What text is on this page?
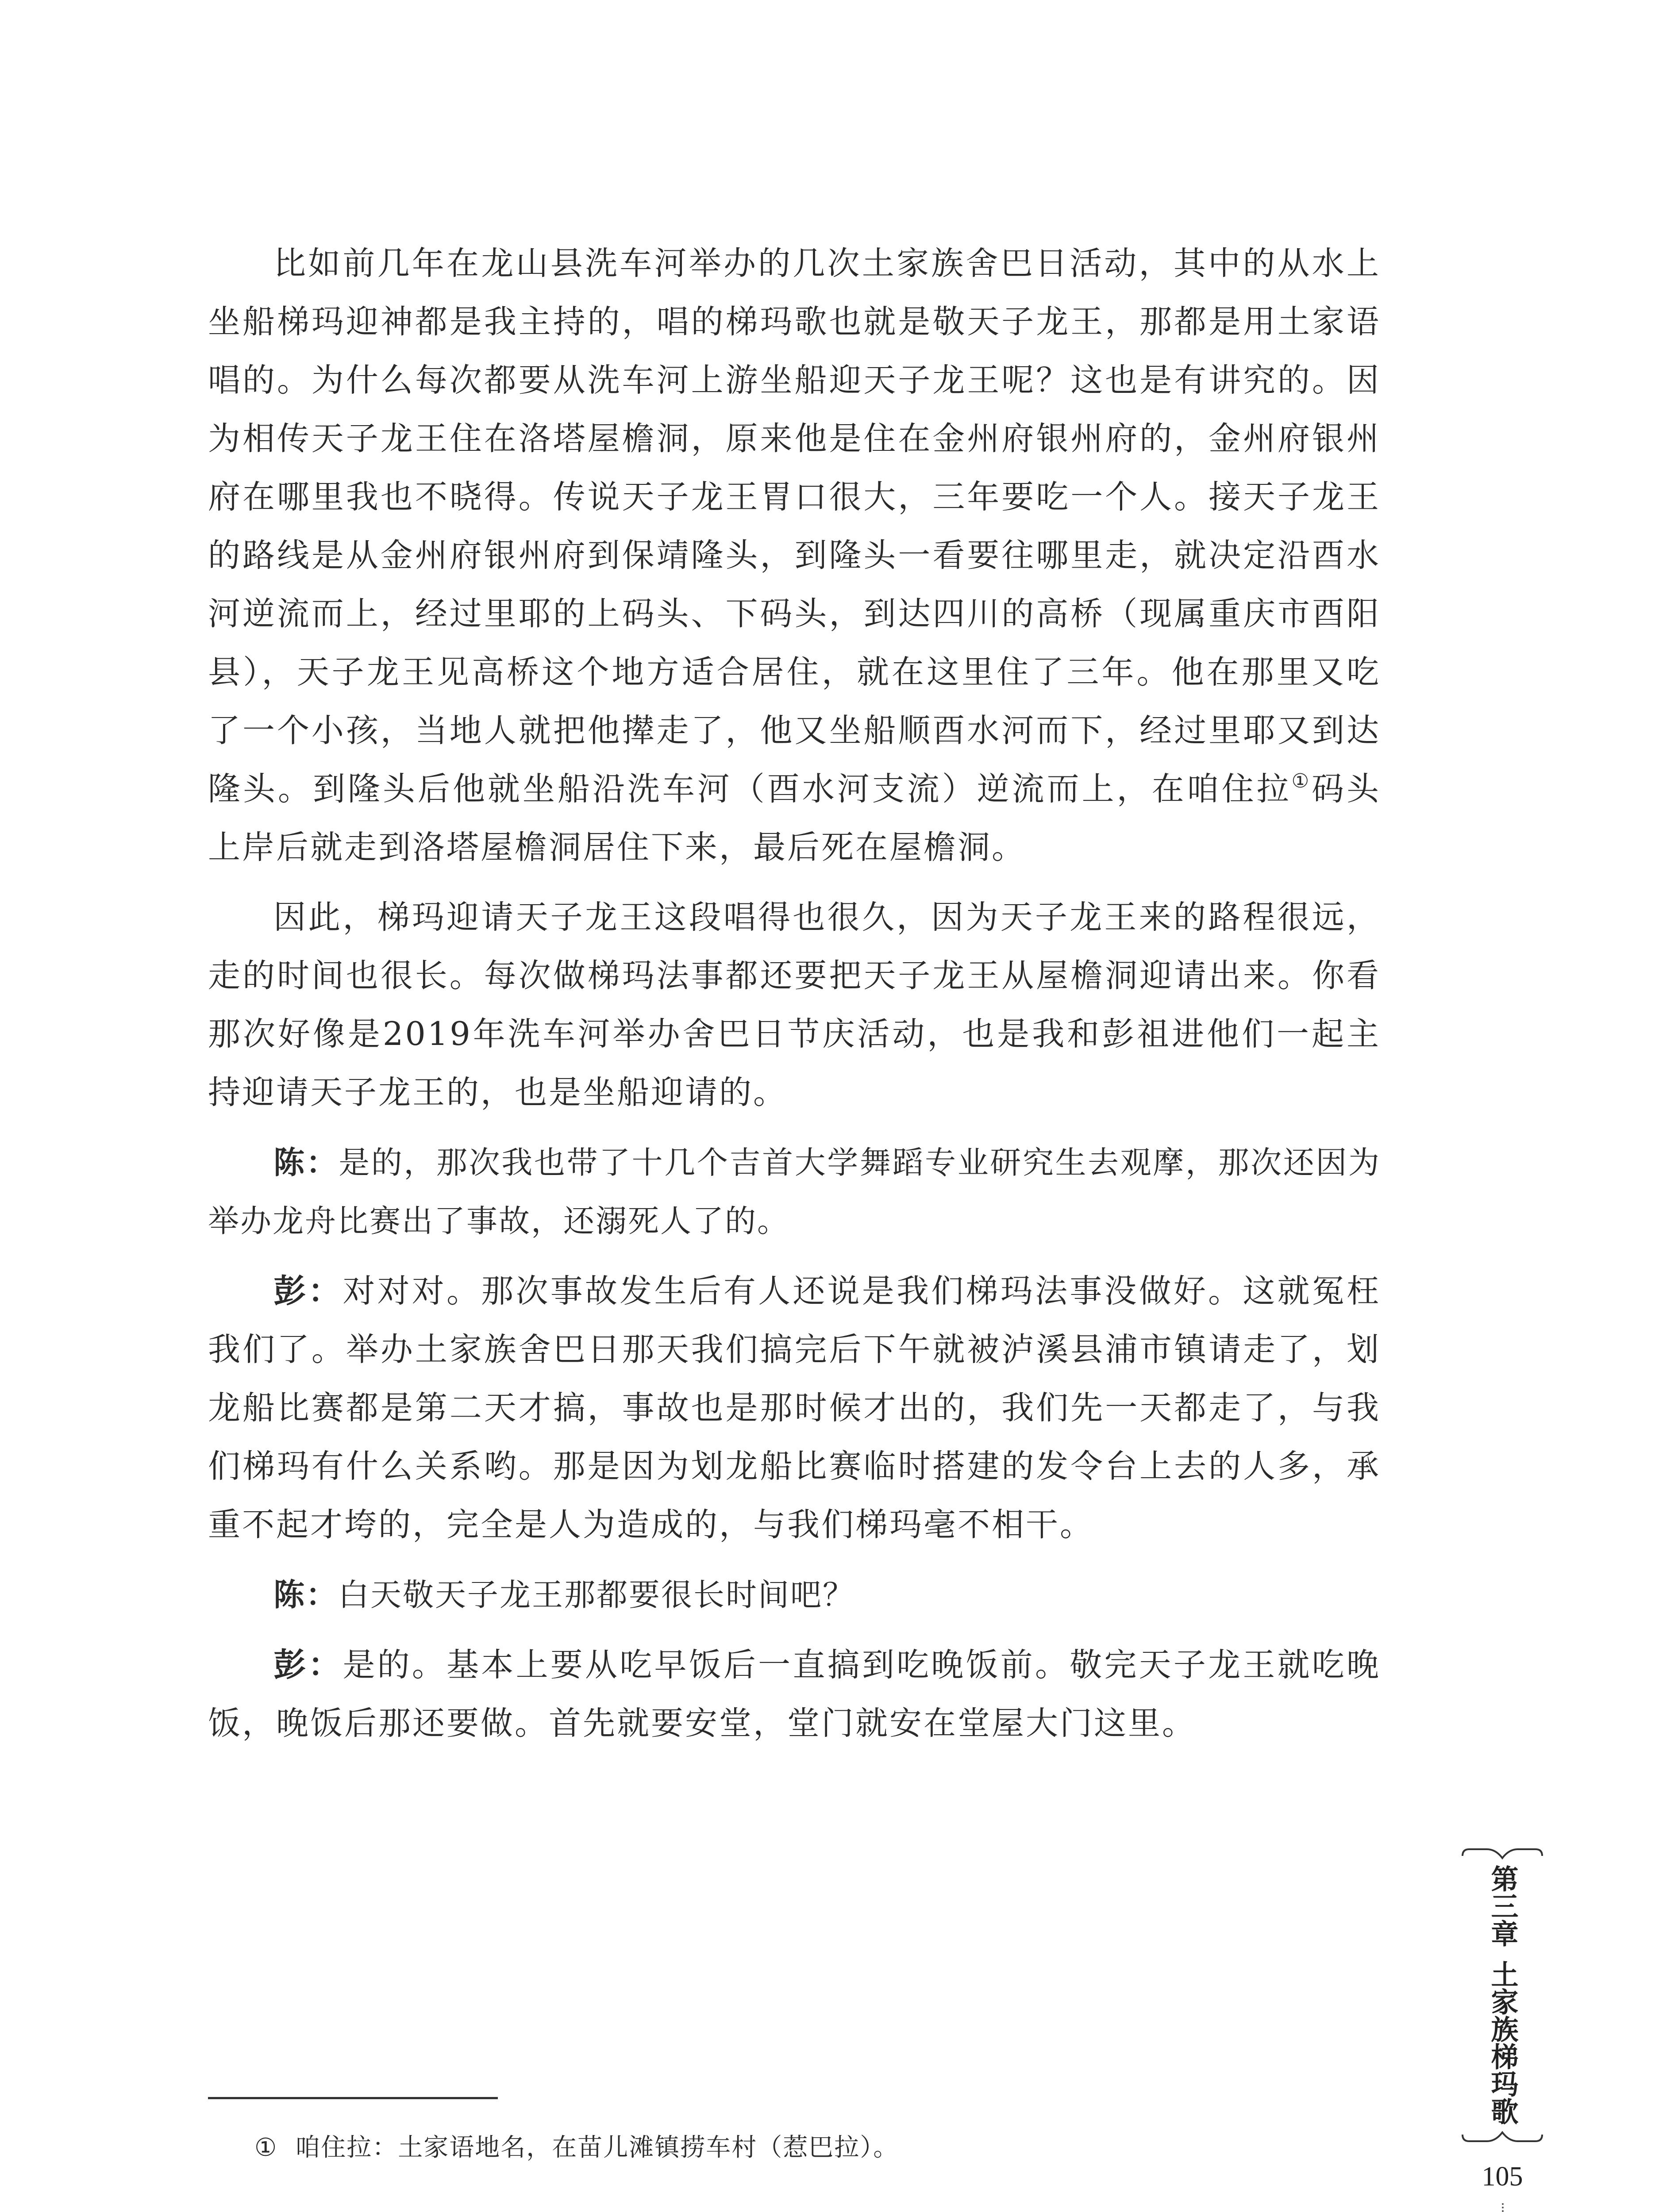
比如前几年在龙山县洗车河举办的几次土家族舍巴日活动，其中的从水上坐船梯玛迎神都是我主持的，唱的梯玛歌也就是敬天子龙王，那都是用土家语唱的。为什么每次都要从洗车河上游坐船迎天子龙王呢？这也是有讲究的。因为相传天子龙王住在洛塔屋檐洞，原来他是住在金州府银州府的，金州府银州府在哪里我也不晓得。传说天子龙王胃口很大，三年要吃一个人。接天子龙王的路线是从金州府银州府到保靖隆头，到隆头一看要往哪里走，就决定沿酉水河逆流而上，经过里耶的上码头、下码头，到达四川的高桥（现属重庆市酉阳县），天子龙王见高桥这个地方适合居住，就在这里住了三年。他在那里又吃了一个小孩，当地人就把他撵走了，他又坐船顺酉水河而下，经过里耶又到达隆头。到隆头后他就坐船沿洗车河（酉水河支流）逆流而上，在咱住拉①码头上岸后就走到洛塔屋檐洞居住下来，最后死在屋檐洞。

因此，梯玛迎请天子龙王这段唱得也很久，因为天子龙王来的路程很远，走的时间也很长。每次做梯玛法事都还要把天子龙王从屋檐洞迎请出来。你看那次好像是2019年洗车河举办舍巴日节庆活动，也是我和彭祖进他们一起主持迎请天子龙王的，也是坐船迎请的。

陈：是的，那次我也带了十几个吉首大学舞蹈专业研究生去观摩，那次还因为举办龙舟比赛出了事故，还溺死人了的。

彭：对对对。那次事故发生后有人还说是我们梯玛法事没做好。这就冤枉我们了。举办土家族舍巴日那天我们搞完后下午就被泸溪县浦市镇请走了，划龙船比赛都是第二天才搞，事故也是那时候才出的，我们先一天都走了，与我们梯玛有什么关系哟。那是因为划龙船比赛临时搭建的发令台上去的人多，承重不起才垮的，完全是人为造成的，与我们梯玛毫不相干。

陈：白天敬天子龙王那都要很长时间吧？

彭：是的。基本上要从吃早饭后一直搞到吃晚饭前。敬完天子龙王就吃晚饭，晚饭后那还要做。首先就要安堂，堂门就安在堂屋大门这里。

① 咱住拉：土家语地名，在苗儿滩镇捞车村（惹巴拉）。
第三章
土家族梯玛歌
105
